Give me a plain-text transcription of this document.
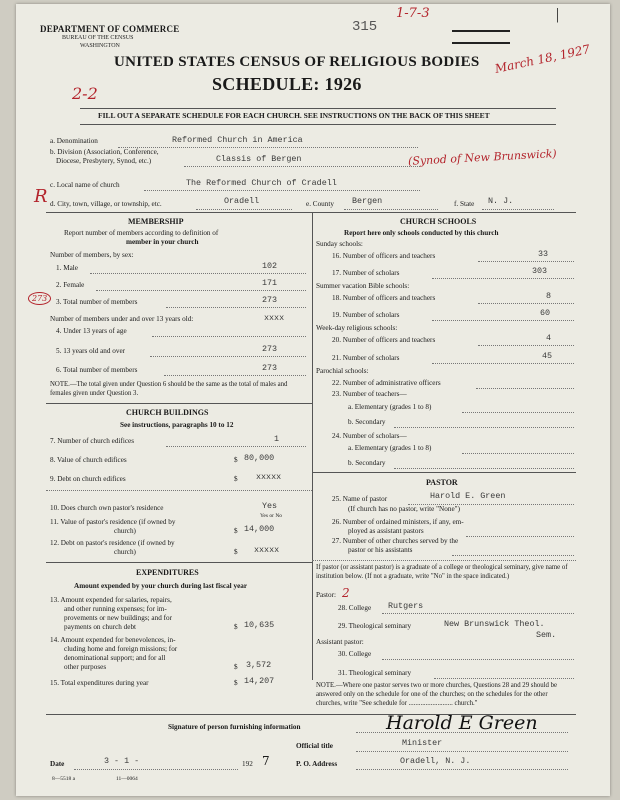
DEPARTMENT OF COMMERCE
BUREAU OF THE CENSUS
WASHINGTON
315
1-7-3	|
UNITED STATES CENSUS OF RELIGIOUS BODIES
SCHEDULE: 1926
March 18, 1927
2-2
FILL OUT A SEPARATE SCHEDULE FOR EACH CHURCH. SEE INSTRUCTIONS ON THE BACK OF THIS SHEET
a. Denomination	Reformed Church in America
b. Division (Association, Conference,
Diocese, Presbytery, Synod, etc.)	Classis of Bergen	(Synod of New Brunswick)
c. Local name of church	The Reformed Church of Cradell
R d. City, town, village, or township, etc.	Oradell	e. County Bergen	f. State N. J.
MEMBERSHIP
Report number of members according to definition of
member in your church
Number of members, by sex:
1. Male	102
2. Female	171
3. Total number of members	273
273
Number of members under and over 13 years old:	xxxx
4. Under 13 years of age
5. 13 years old and over	273
6. Total number of members	273
NOTE.—The total given under Question 6 should be the same as the total of males and females given under Question 3.
CHURCH BUILDINGS
See instructions, paragraphs 10 to 12
7. Number of church edifices	1
8. Value of church edifices	$ 80,000
9. Debt on church edifices	$ xxxxx
10. Does church own pastor's residence	Yes
Yes or No
11. Value of pastor's residence (if owned by
church)	$ 14,000
12. Debt on pastor's residence (if owned by
church)	$ xxxxx
EXPENDITURES
Amount expended by your church during last fiscal year
13. Amount expended for salaries, repairs,
and other running expenses; for im-
provements or new buildings; and for
payments on church debt	$ 10,635
14. Amount expended for benevolences, in-
cluding home and foreign missions; for
denominational support; and for all
other purposes	$ 3,572
15. Total expenditures during year	$ 14,207
CHURCH SCHOOLS
Report here only schools conducted by this church
Sunday schools:
16. Number of officers and teachers	33
17. Number of scholars	303
Summer vacation Bible schools:
18. Number of officers and teachers	8
19. Number of scholars	60
Week-day religious schools:
20. Number of officers and teachers	4
21. Number of scholars	45
Parochial schools:
22. Number of administrative officers
23. Number of teachers—
a. Elementary (grades 1 to 8)
b. Secondary
24. Number of scholars—
a. Elementary (grades 1 to 8)
b. Secondary
PASTOR
25. Name of pastor	Harold E. Green
(If church has no pastor, write "None")
26. Number of ordained ministers, if any, em-
ployed as assistant pastors
27. Number of other churches served by the
pastor or his assistants
If pastor (or assistant pastor) is a graduate of a college or theological seminary, give name of institution below. (If not a graduate, write "No" in the space indicated.)
Pastor: 2
28. College Rutgers
29. Theological seminary	New Brunswick Theol.
Sem.
Assistant pastor:
30. College
31. Theological seminary
NOTE.—Where one pastor serves two or more churches, Questions 28 and 29 should be answered only on the schedule for one of the churches; on the schedules for the other churches, write "See schedule for .......................... church."
Signature of person furnishing information	Harold E Green
Official title	Minister
Date	3 - 1 -	192 7	P. O. Address	Oradell, N. J.
8—5518 a	11—0064
